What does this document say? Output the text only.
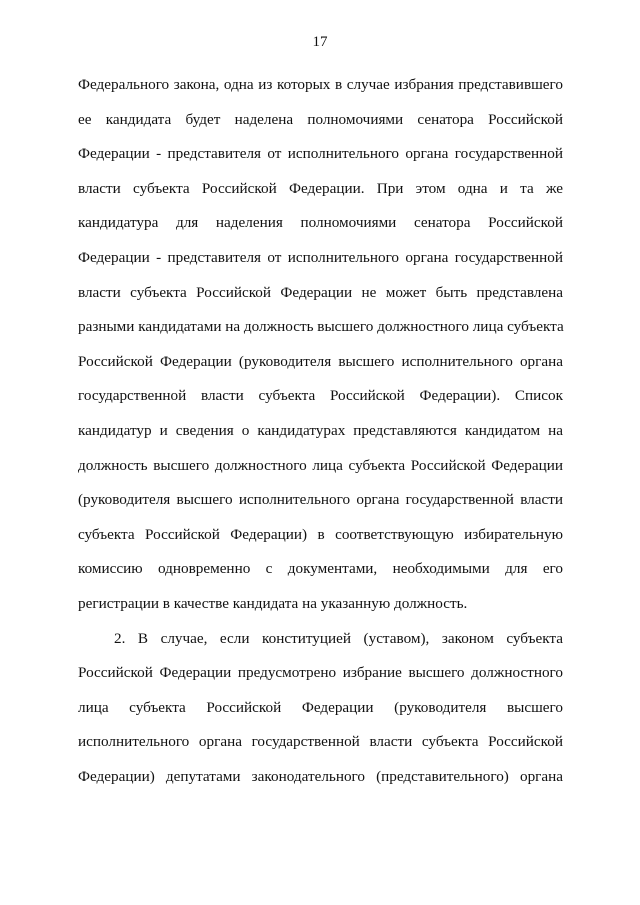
17
Федерального закона, одна из которых в случае избрания представившего
ее кандидата будет наделена полномочиями сенатора Российской
Федерации - представителя от исполнительного органа государственной
власти субъекта Российской Федерации. При этом одна и та же
кандидатура для наделения полномочиями сенатора Российской
Федерации - представителя от исполнительного органа государственной
власти субъекта Российской Федерации не может быть представлена
разными кандидатами на должность высшего должностного лица субъекта
Российской Федерации (руководителя высшего исполнительного органа
государственной власти субъекта Российской Федерации). Список
кандидатур и сведения о кандидатурах представляются кандидатом на
должность высшего должностного лица субъекта Российской Федерации
(руководителя высшего исполнительного органа государственной власти
субъекта Российской Федерации) в соответствующую избирательную
комиссию одновременно с документами, необходимыми для его
регистрации в качестве кандидата на указанную должность.
2. В случае, если конституцией (уставом), законом субъекта
Российской Федерации предусмотрено избрание высшего должностного
лица субъекта Российской Федерации (руководителя высшего
исполнительного органа государственной власти субъекта Российской
Федерации) депутатами законодательного (представительного) органа
